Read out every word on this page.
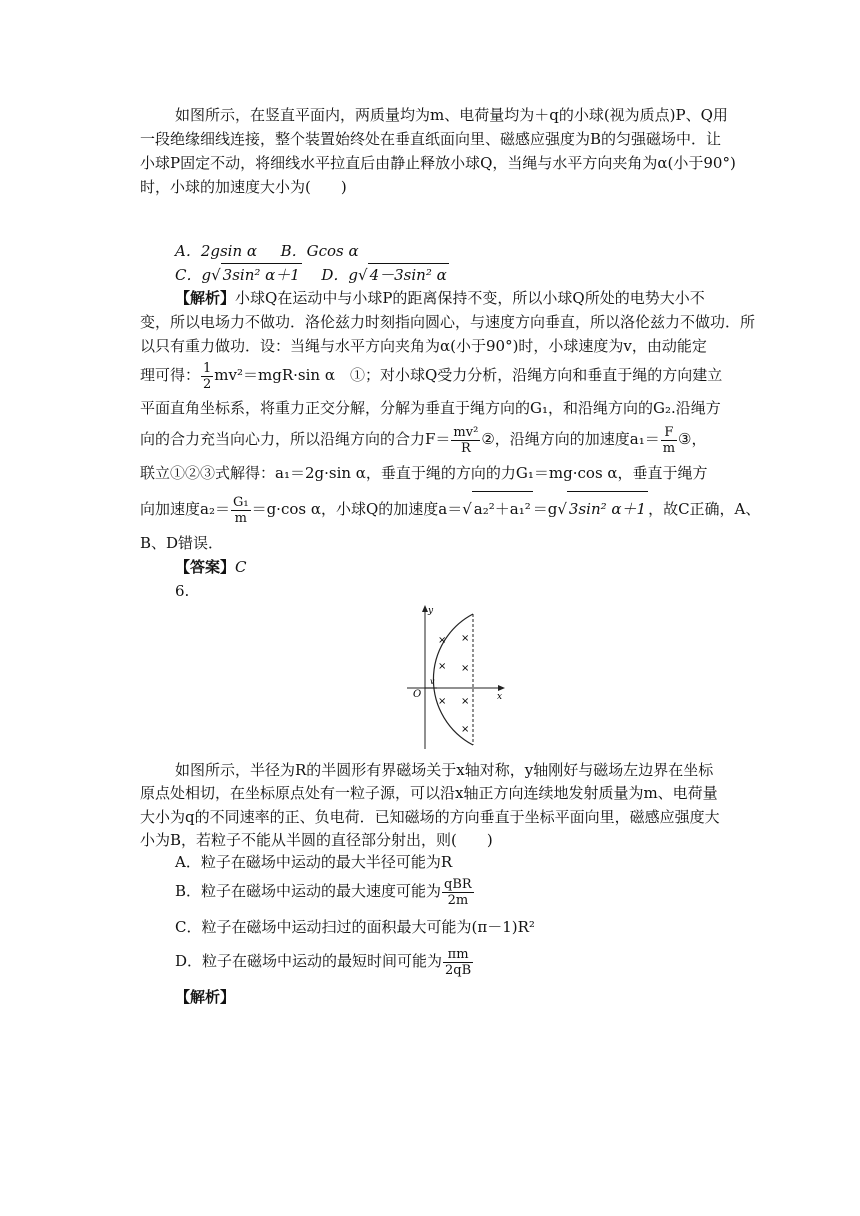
如图所示，在竖直平面内，两质量均为m、电荷量均为＋q的小球(视为质点)P、Q用
一段绝缘细线连接，整个装置始终处在垂直纸面向里、磁感应强度为B的匀强磁场中．让
小球P固定不动，将细线水平拉直后由静止释放小球Q，当绳与水平方向夹角为α(小于90°)
时，小球的加速度大小为(　　)
A．2gsin α B．Gcos α
C．g√ 3sin² α＋1 D．g√ 4－3sin² α
【解析】小球Q在运动中与小球P的距离保持不变，所以小球Q所处的电势大小不
变，所以电场力不做功．洛伦兹力时刻指向圆心，与速度方向垂直，所以洛伦兹力不做功．所
以只有重力做功．设：当绳与水平方向夹角为α(小于90°)时，小球速度为v，由动能定
理可得： $\frac{1}{2} mv^2=mgR\cdot\sin$ α　①；对小球Q受力分析，沿绳方向和垂直于绳的方向建立
平面直角坐标系，将重力正交分解，分解为垂直于绳方向的G₁，和沿绳方向的G₂.沿绳方
向的合力充当向心力，所以沿绳方向的合力$F= \frac{\text{mv²}}{R}$ ②，沿绳方向的加速度$a_1= \frac{F}{m}$ ③，
联立①②③式解得：a₁＝2g·sin α，垂直于绳的方向的力G₁＝mg·cos α，垂直于绳方
向加速度$a_2= \frac{\text{G₁}}{m} =g\cdot\cos$ α，小球Q的加速度a＝√ a₂²＋a₁² ＝g√ 3sin² α＋1 ，故C正确，A、
B、D错误．
【答案】C
6.
y
x
O
v
× ×
× ×
× ×
×
如图所示，半径为R的半圆形有界磁场关于x轴对称，y轴刚好与磁场左边界在坐标
原点处相切，在坐标原点处有一粒子源，可以沿x轴正方向连续地发射质量为m、电荷量
大小为q的不同速率的正、负电荷．已知磁场的方向垂直于坐标平面向里，磁感应强度大
小为B，若粒子不能从半圆的直径部分射出，则(　　)
A．粒子在磁场中运动的最大半径可能为R
B．粒子在磁场中运动的最大速度可能为 $\frac{\text{qBR}}{2m}$
C．粒子在磁场中运动扫过的面积最大可能为(π－1)R²
D．粒子在磁场中运动的最短时间可能为 $\frac{\pi m}{2qB}$
【解析】
